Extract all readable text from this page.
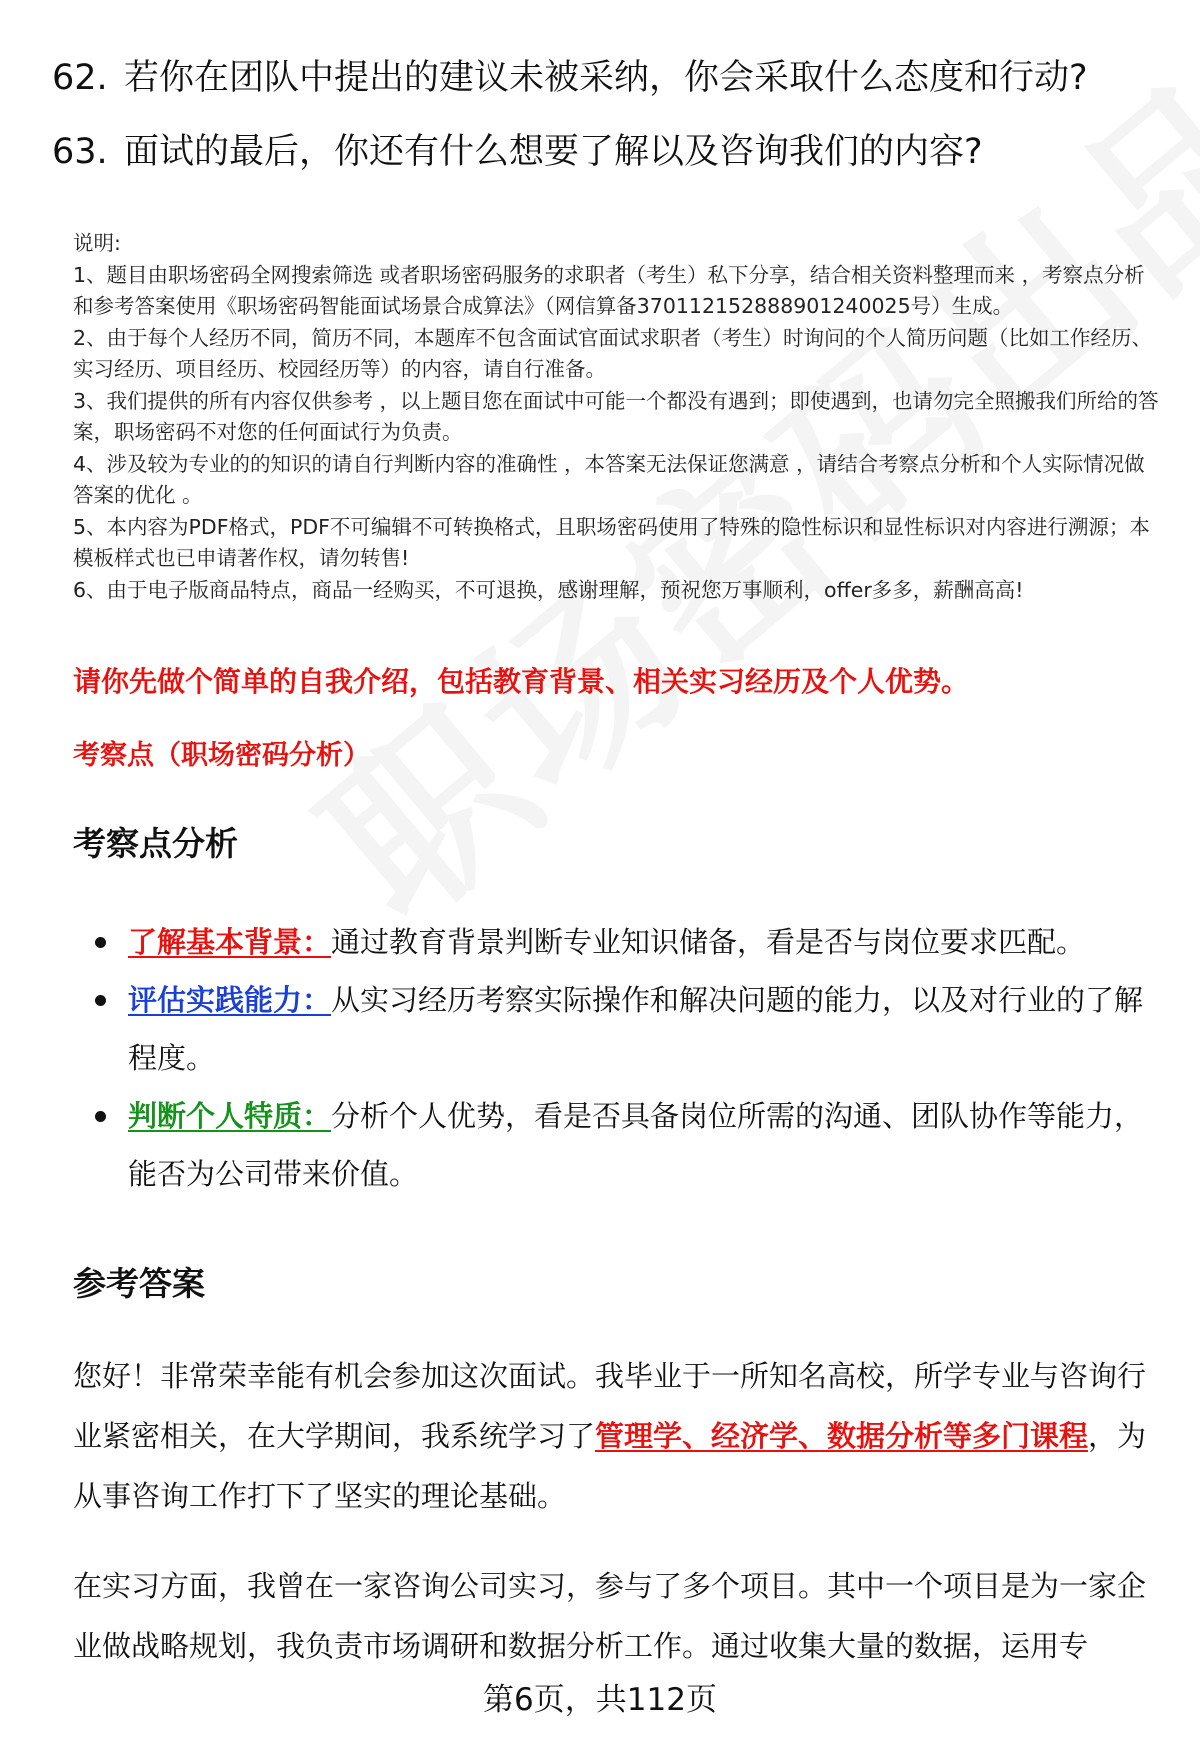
62. 若你在团队中提出的建议未被采纳，你会采取什么态度和行动?
63. 面试的最后，你还有什么想要了解以及咨询我们的内容?

说明:

1、题目由职场密码全网搜索筛选 或者职场密码服务的求职者（考生）私下分享，结合相关资料整理而来 ，考察点分析和参考答案使用《职场密码智能面试场景合成算法》（网信算备370112152888901240025号）生成。

2、由于每个人经历不同，简历不同，本题库不包含面试官面试求职者（考生）时询问的个人简历问题（比如工作经历、实习经历、项目经历、校园经历等）的内容，请自行准备。

3、我们提供的所有内容仅供参考 ，以上题目您在面试中可能一个都没有遇到；即使遇到，也请勿完全照搬我们所给的答案，职场密码不对您的任何面试行为负责。

4、涉及较为专业的的知识的请自行判断内容的准确性 ，本答案无法保证您满意 ，请结合考察点分析和个人实际情况做答案的优化 。

5、本内容为PDF格式，PDF不可编辑不可转换格式，且职场密码使用了特殊的隐性标识和显性标识对内容进行溯源；本模板样式也已申请著作权，请勿转售!

6、由于电子版商品特点，商品一经购买，不可退换，感谢理解，预祝您万事顺利，offer多多，薪酬高高!

请你先做个简单的自我介绍，包括教育背景、相关实习经历及个人优势。
考察点（职场密码分析）
考察点分析
了解基本背景：通过教育背景判断专业知识储备，看是否与岗位要求匹配。
评估实践能力：从实习经历考察实际操作和解决问题的能力，以及对行业的了解程度。
判断个人特质：分析个人优势，看是否具备岗位所需的沟通、团队协作等能力，能否为公司带来价值。
参考答案

您好！非常荣幸能有机会参加这次面试。我毕业于一所知名高校，所学专业与咨询行业紧密相关，在大学期间，我系统学习了管理学、经济学、数据分析等多门课程，为从事咨询工作打下了坚实的理论基础。

在实习方面，我曾在一家咨询公司实习，参与了多个项目。其中一个项目是为一家企业做战略规划，我负责市场调研和数据分析工作。通过收集大量的数据，运用专

第6页，共112页
